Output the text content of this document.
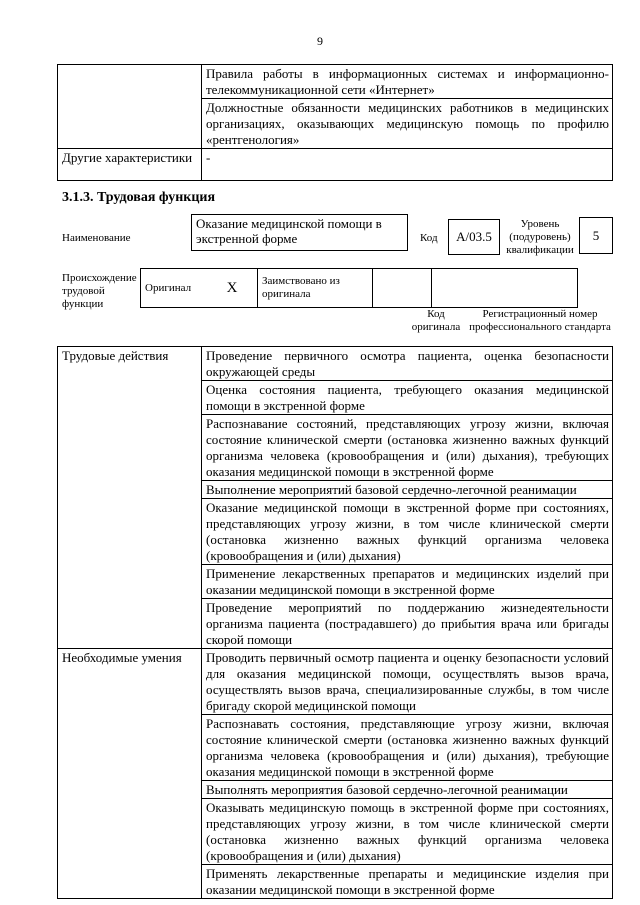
9
	Правила работы в информационных системах и информационно-телекоммуникационной сети «Интернет»
	Должностные обязанности медицинских работников в медицинских организациях, оказывающих медицинскую помощь по профилю «рентгенология»
Другие характеристики	-
3.1.3. Трудовая функция
Наименование
Оказание медицинской помощи в экстренной форме	Код	A/03.5
Уровень (подуровень) квалификации
5
Происхождение трудовой функции
	Оригинал	X	Заимствовано из оригинала		
Код оригинала
Регистрационный номер профессионального стандарта
Трудовые действия	Проведение первичного осмотра пациента, оценка безопасности окружающей среды
	Оценка состояния пациента, требующего оказания медицинской помощи в экстренной форме
	Распознавание состояний, представляющих угрозу жизни, включая состояние клинической смерти (остановка жизненно важных функций организма человека (кровообращения и (или) дыхания), требующих оказания медицинской помощи в экстренной форме
	Выполнение мероприятий базовой сердечно-легочной реанимации
	Оказание медицинской помощи в экстренной форме при состояниях, представляющих угрозу жизни, в том числе клинической смерти (остановка жизненно важных функций организма человека (кровообращения и (или) дыхания)
	Применение лекарственных препаратов и медицинских изделий при оказании медицинской помощи в экстренной форме
	Проведение мероприятий по поддержанию жизнедеятельности организма пациента (пострадавшего) до прибытия врача или бригады скорой помощи
Необходимые умения	Проводить первичный осмотр пациента и оценку безопасности условий для оказания медицинской помощи, осуществлять вызов врача, осуществлять вызов врача, специализированные службы, в том числе бригаду скорой медицинской помощи
	Распознавать состояния, представляющие угрозу жизни, включая состояние клинической смерти (остановка жизненно важных функций организма человека (кровообращения и (или) дыхания), требующие оказания медицинской помощи в экстренной форме
	Выполнять мероприятия базовой сердечно-легочной реанимации
	Оказывать медицинскую помощь в экстренной форме при состояниях, представляющих угрозу жизни, в том числе клинической смерти (остановка жизненно важных функций организма человека (кровообращения и (или) дыхания)
	Применять лекарственные препараты и медицинские изделия при оказании медицинской помощи в экстренной форме
